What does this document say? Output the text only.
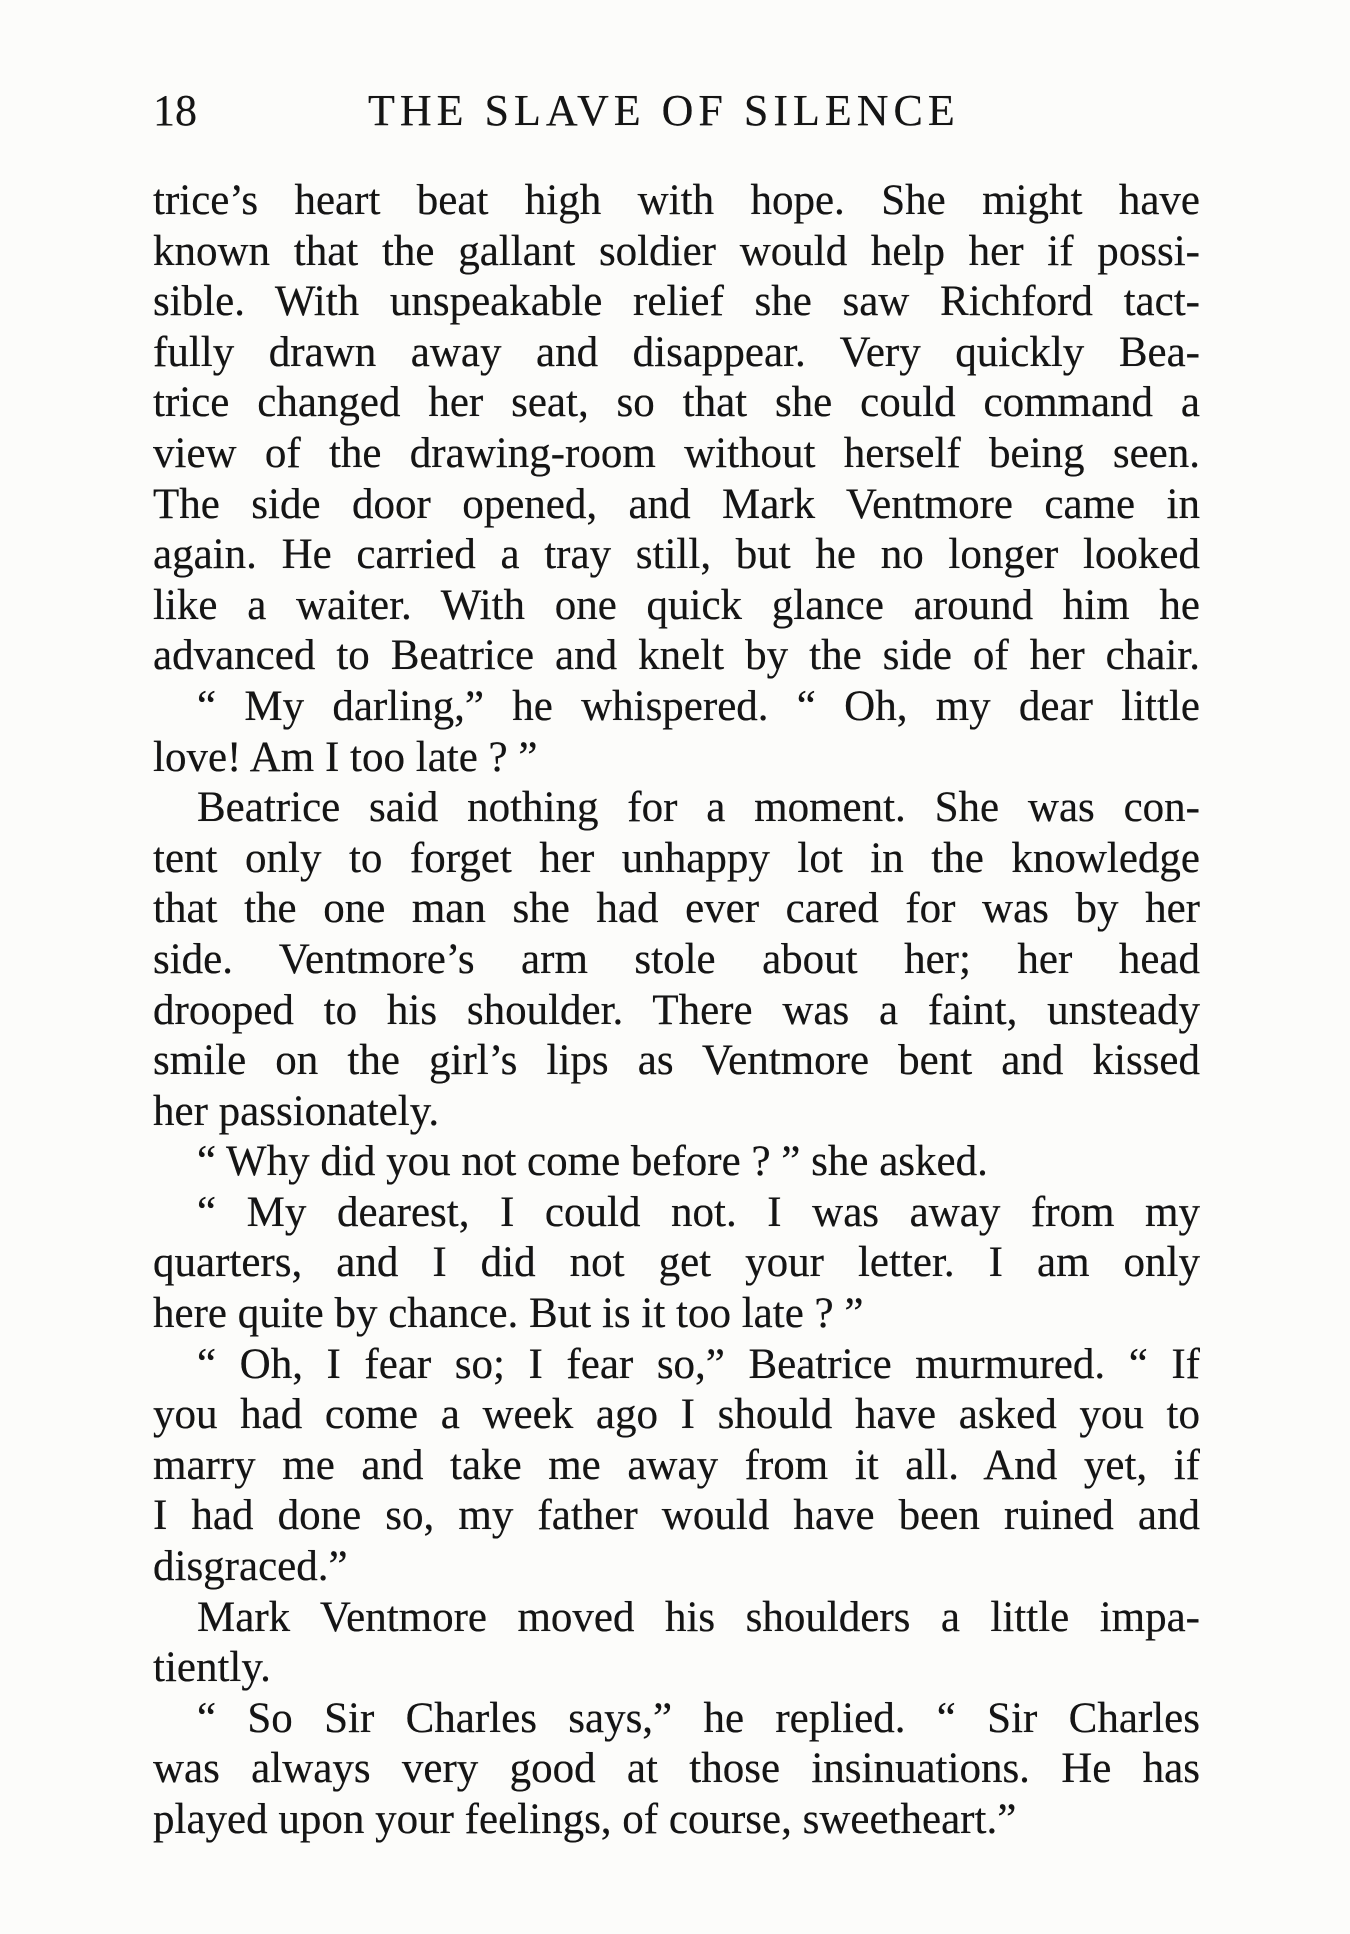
18	THE SLAVE OF SILENCE
trice’s heart beat high with hope. She might have
known that the gallant soldier would help her if possi-
sible. With unspeakable relief she saw Richford tact-
fully drawn away and disappear. Very quickly Bea-
trice changed her seat, so that she could command a
view of the drawing-room without herself being seen.
The side door opened, and Mark Ventmore came in
again. He carried a tray still, but he no longer looked
like a waiter. With one quick glance around him he
advanced to Beatrice and knelt by the side of her chair.
“ My darling,” he whispered. “ Oh, my dear little
love! Am I too late ? ”
Beatrice said nothing for a moment. She was con-
tent only to forget her unhappy lot in the knowledge
that the one man she had ever cared for was by her
side. Ventmore’s arm stole about her; her head
drooped to his shoulder. There was a faint, unsteady
smile on the girl’s lips as Ventmore bent and kissed
her passionately.
“ Why did you not come before ? ” she asked.
“ My dearest, I could not. I was away from my
quarters, and I did not get your letter. I am only
here quite by chance. But is it too late ? ”
“ Oh, I fear so; I fear so,” Beatrice murmured. “ If
you had come a week ago I should have asked you to
marry me and take me away from it all. And yet, if
I had done so, my father would have been ruined and
disgraced.”
Mark Ventmore moved his shoulders a little impa-
tiently.
“ So Sir Charles says,” he replied. “ Sir Charles
was always very good at those insinuations. He has
played upon your feelings, of course, sweetheart.”
